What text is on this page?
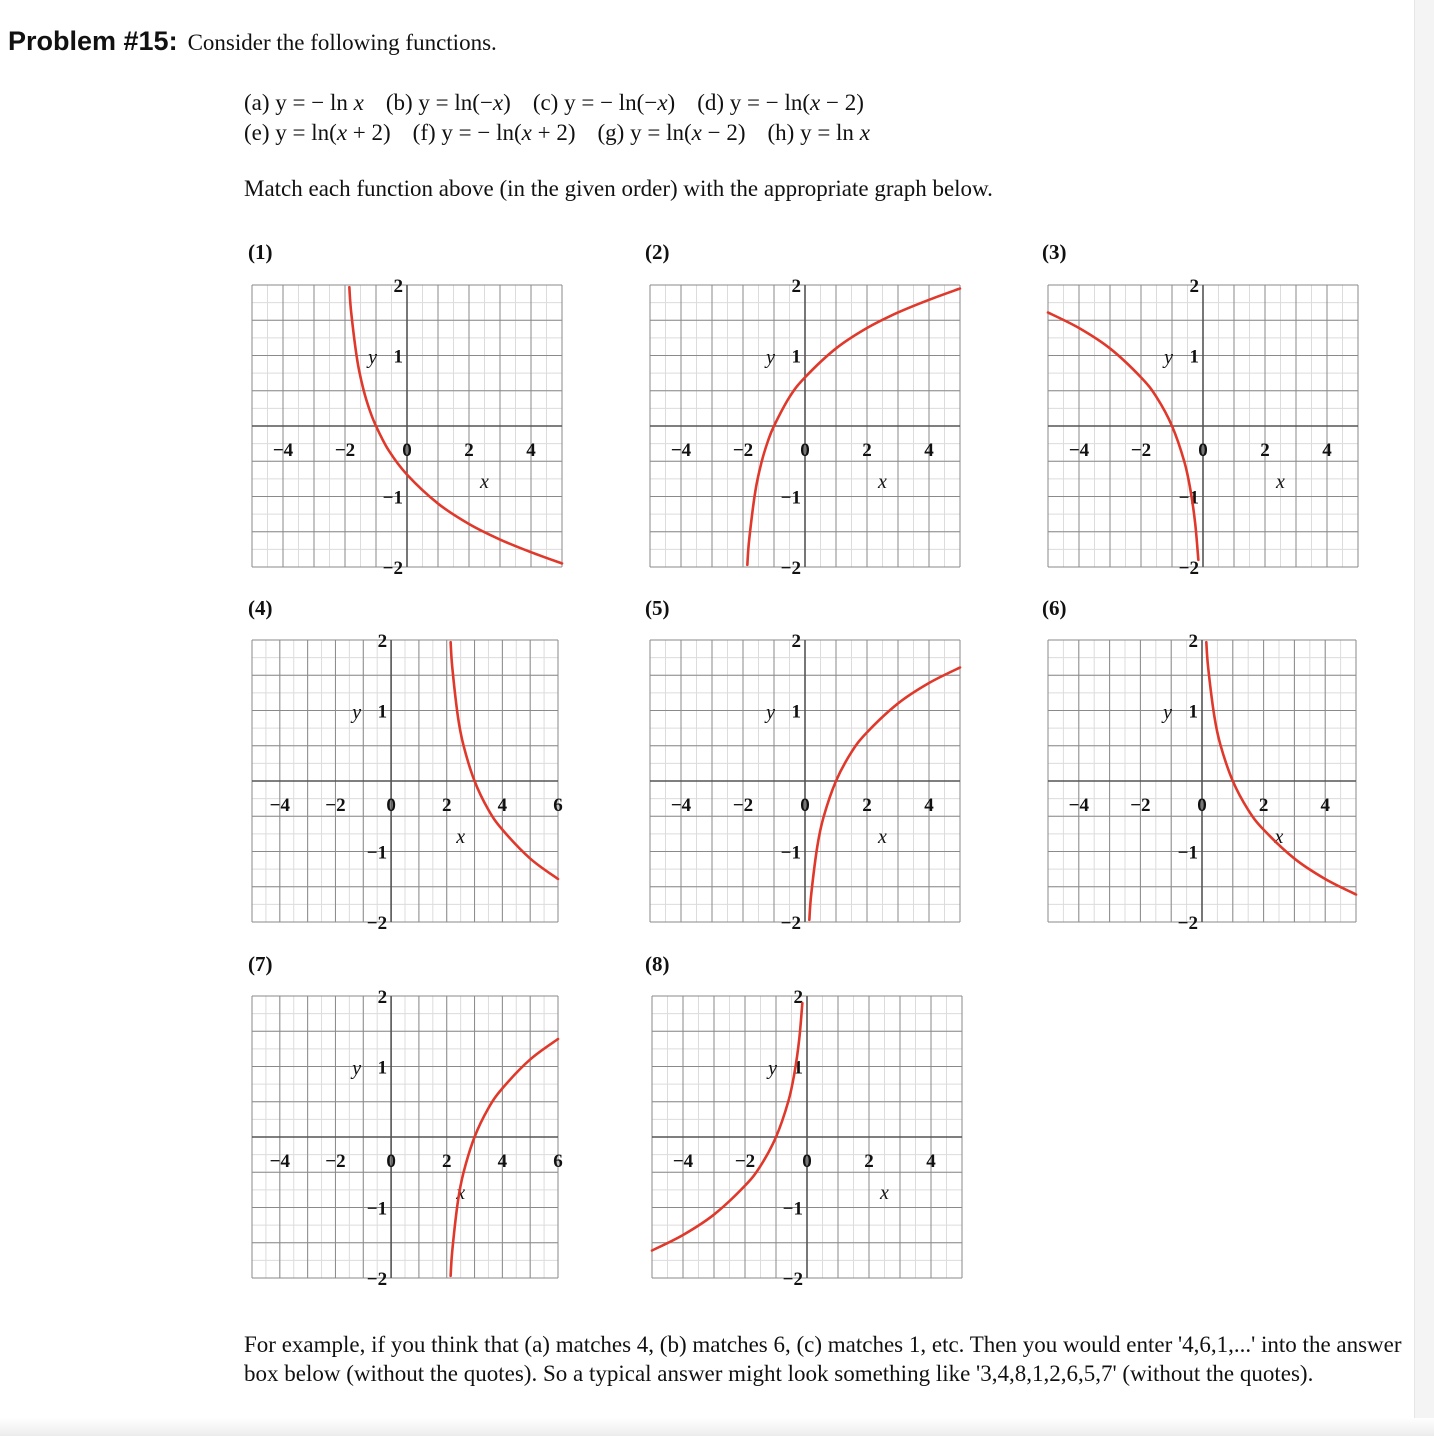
Problem #15: Consider the following functions.
(a) y = − ln x (b) y = ln(−x) (c) y = − ln(−x) (d) y = − ln(x − 2)
(e) y = ln(x + 2) (f) y = − ln(x + 2) (g) y = ln(x − 2) (h) y = ln x
Match each function above (in the given order) with the appropriate graph below.
(1)	(2)	(3)
(4)	(5)	(6)
(7)	(8)
−4 −2 0	2	4
2
1
−1
−2
x
y
−4 −2 0	2	4
2
1
−1
−2
x
y
−4 −2 0	2	4
2
1
−1
−2
x
y
−4 −2 0 2 4 6
2
1
−1
−2
x
y
−4 −2 0	2	4
2
1
−1
−2
x
y
−4 −2 0	2	4
2
1
−1
−2
x
y
−4 −2 0 2 4 6
2
1
−1
−2
x
y
−4 −2 0	2	4
2
1
−1
−2
x
y
For example, if you think that (a) matches 4, (b) matches 6, (c) matches 1, etc. Then you would enter '4,6,1,...' into the answer box below (without the quotes). So a typical answer might look something like '3,4,8,1,2,6,5,7' (without the quotes).
